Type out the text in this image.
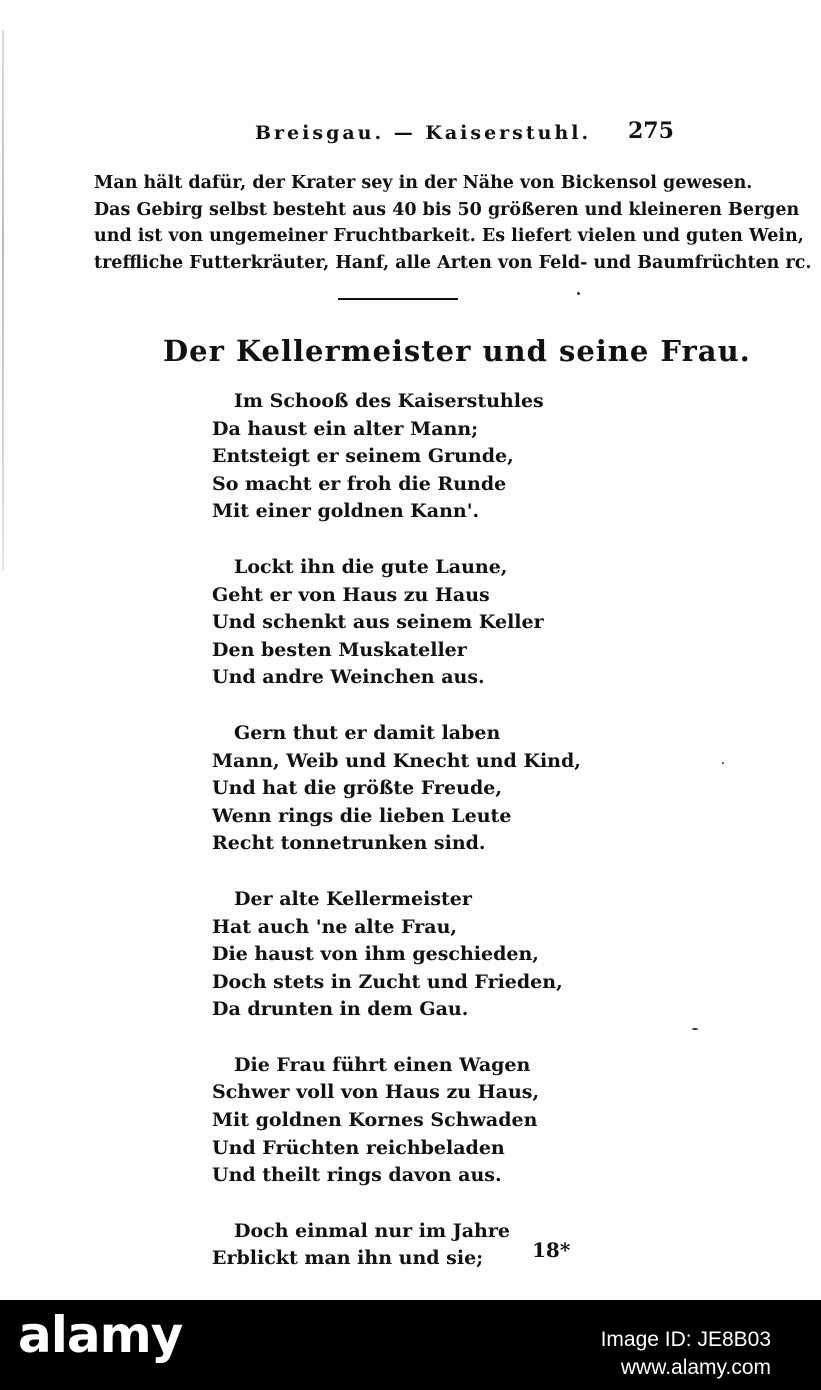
Breisgau. — Kaiserstuhl. 275
Man hält dafür, der Krater sey in der Nähe von Bickensol gewesen.
Das Gebirg selbst besteht aus 40 bis 50 größeren und kleineren Bergen
und ist von ungemeiner Fruchtbarkeit. Es liefert vielen und guten Wein,
treffliche Futterkräuter, Hanf, alle Arten von Feld- und Baumfrüchten rc.
Der Kellermeister und seine Frau.
Im Schooß des Kaiserstuhles
Da haust ein alter Mann;
Entsteigt er seinem Grunde,
So macht er froh die Runde
Mit einer goldnen Kann'.
Lockt ihn die gute Laune,
Geht er von Haus zu Haus
Und schenkt aus seinem Keller
Den besten Muskateller
Und andre Weinchen aus.
Gern thut er damit laben
Mann, Weib und Knecht und Kind,
Und hat die größte Freude,
Wenn rings die lieben Leute
Recht tonnetrunken sind.
Der alte Kellermeister
Hat auch 'ne alte Frau,
Die haust von ihm geschieden,
Doch stets in Zucht und Frieden,
Da drunten in dem Gau.
Die Frau führt einen Wagen
Schwer voll von Haus zu Haus,
Mit goldnen Kornes Schwaden
Und Früchten reichbeladen
Und theilt rings davon aus.
Doch einmal nur im Jahre
Erblickt man ihn und sie;	18*
alamy	Image ID: JE8B03
www.alamy.com
